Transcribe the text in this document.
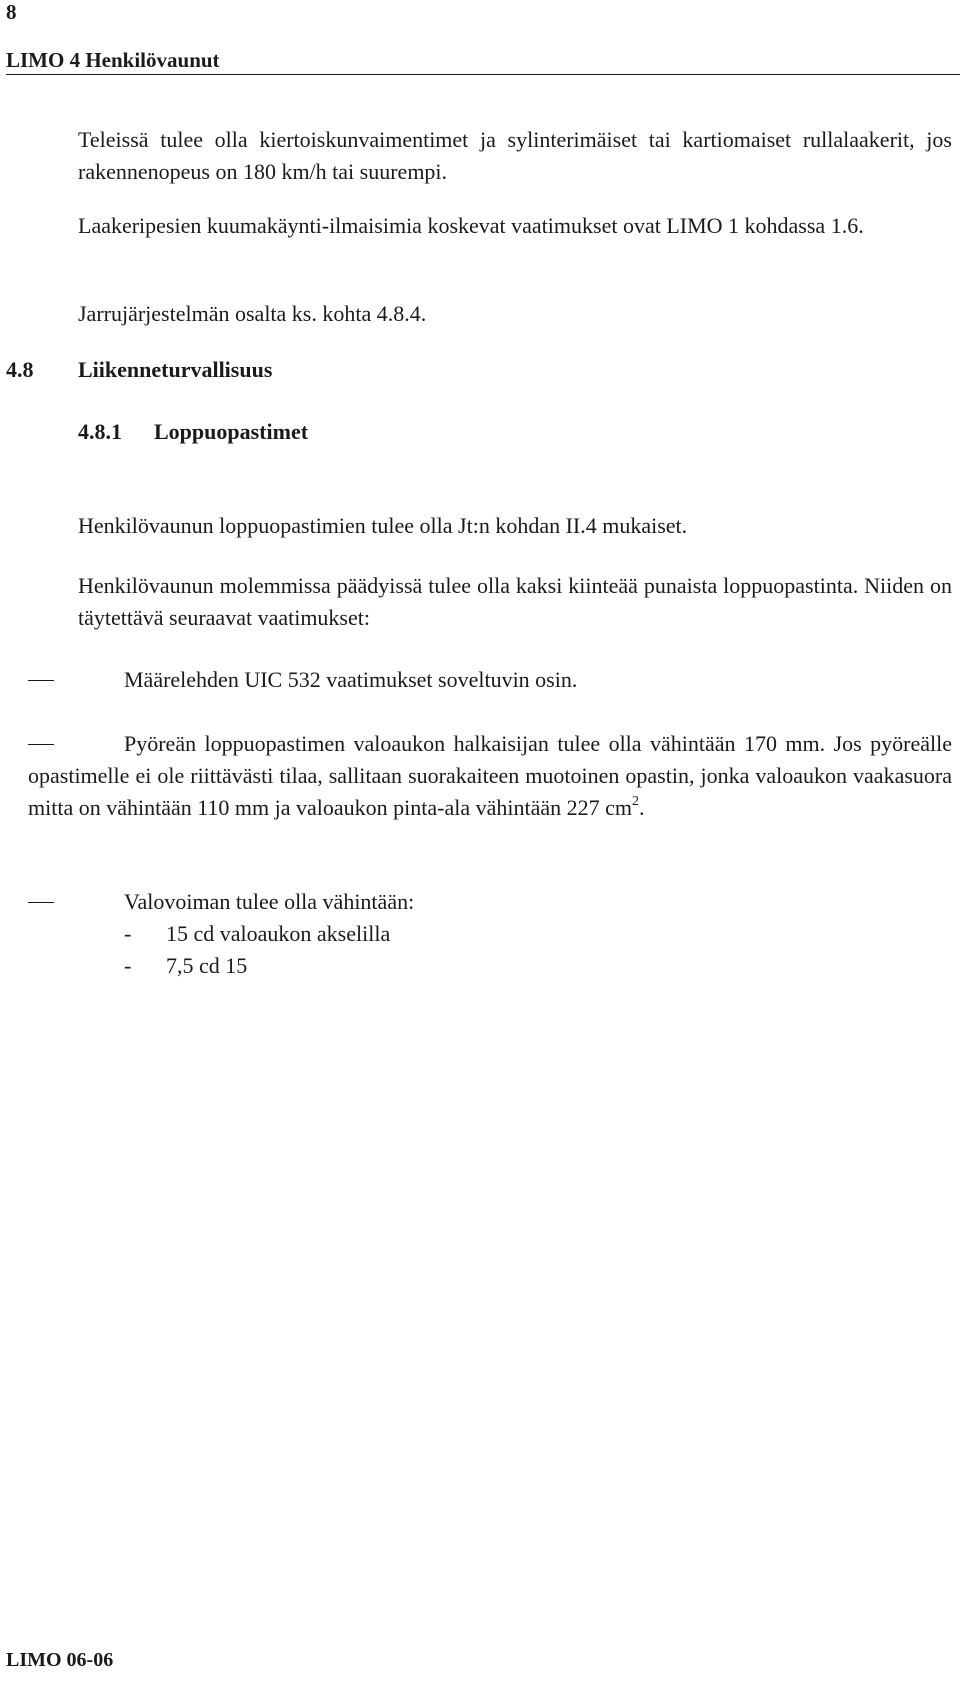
8
LIMO 4 Henkilövaunut

Teleissä tulee olla kiertoiskunvaimentimet ja sylinterimäiset tai kartiomaiset rullalaakerit, jos rakennenopeus on 180 km/h tai suurempi.

Laakeripesien kuumakäynti-ilmaisimia koskevat vaatimukset ovat LIMO 1 kohdassa 1.6.

Jarrujärjestelmän osalta ks. kohta 4.8.4.

4.8 Liikenneturvallisuus
4.8.1 Loppuopastimet

Henkilövaunun loppuopastimien tulee olla Jt:n kohdan II.4 mukaiset.

Henkilövaunun molemmissa päädyissä tulee olla kaksi kiinteää punaista loppuopastinta. Niiden on täytettävä seuraavat vaatimukset:

Määrelehden UIC 532 vaatimukset soveltuvin osin.
Pyöreän loppuopastimen valoaukon halkaisijan tulee olla vähintään 170 mm. Jos pyöreälle opastimelle ei ole riittävästi tilaa, sallitaan suorakaiteen muotoinen opastin, jonka valoaukon vaakasuora mitta on vähintään 110 mm ja valoaukon pinta-ala vähintään 227 $cm^2$.
Valovoiman tulee olla vähintään:
- 15 cd valoaukon akselilla
- 7,5 cd 15
LIMO 06-06
